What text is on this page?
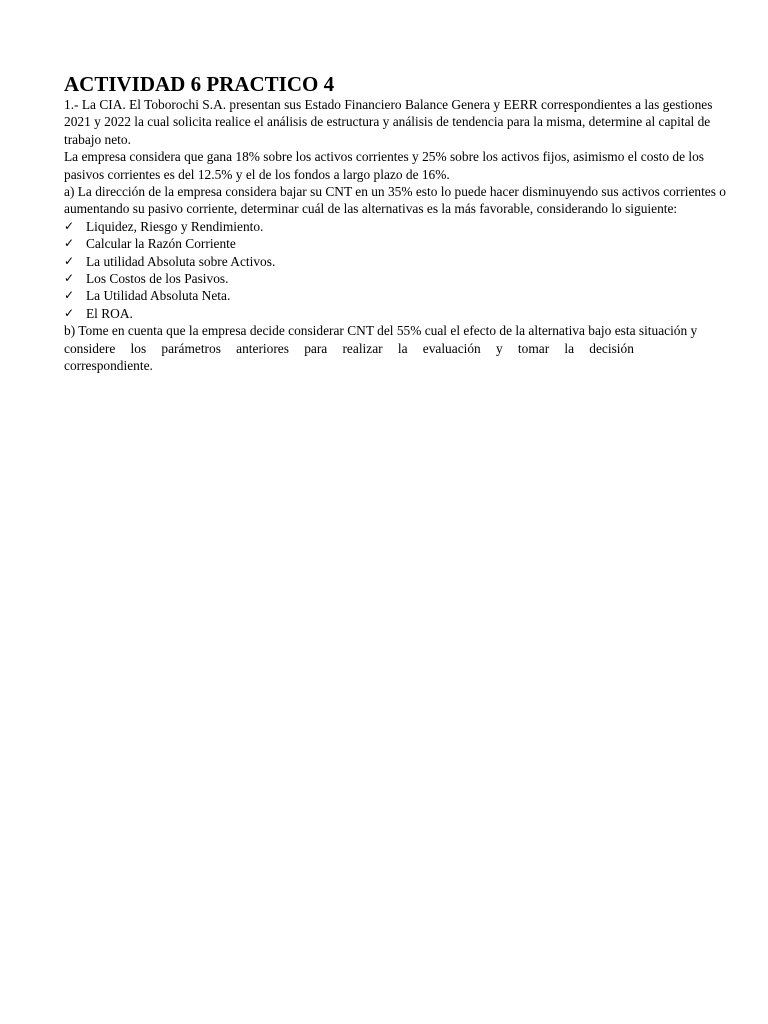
ACTIVIDAD 6 PRACTICO 4
1.- La CIA. El Toborochi S.A. presentan sus Estado Financiero Balance Genera y EERR correspondientes a las gestiones
2021 y 2022 la cual solicita realice el análisis de estructura y análisis de tendencia para la misma, determine al capital de
trabajo neto.
La empresa considera que gana 18% sobre los activos corrientes y 25% sobre los activos fijos, asimismo el costo de los
pasivos corrientes es del 12.5% y el de los fondos a largo plazo de 16%.
a) La dirección de la empresa considera bajar su CNT en un 35% esto lo puede hacer disminuyendo sus activos corrientes o
aumentando su pasivo corriente, determinar cuál de las alternativas es la más favorable, considerando lo siguiente:
✓ Liquidez, Riesgo y Rendimiento.
✓ Calcular la Razón Corriente
✓ La utilidad Absoluta sobre Activos.
✓ Los Costos de los Pasivos.
✓ La Utilidad Absoluta Neta.
✓ El ROA.
b) Tome en cuenta que la empresa decide considerar CNT del 55% cual el efecto de la alternativa bajo esta situación y
considere los parámetros anteriores para realizar la evaluación y tomar la decisión
correspondiente.
